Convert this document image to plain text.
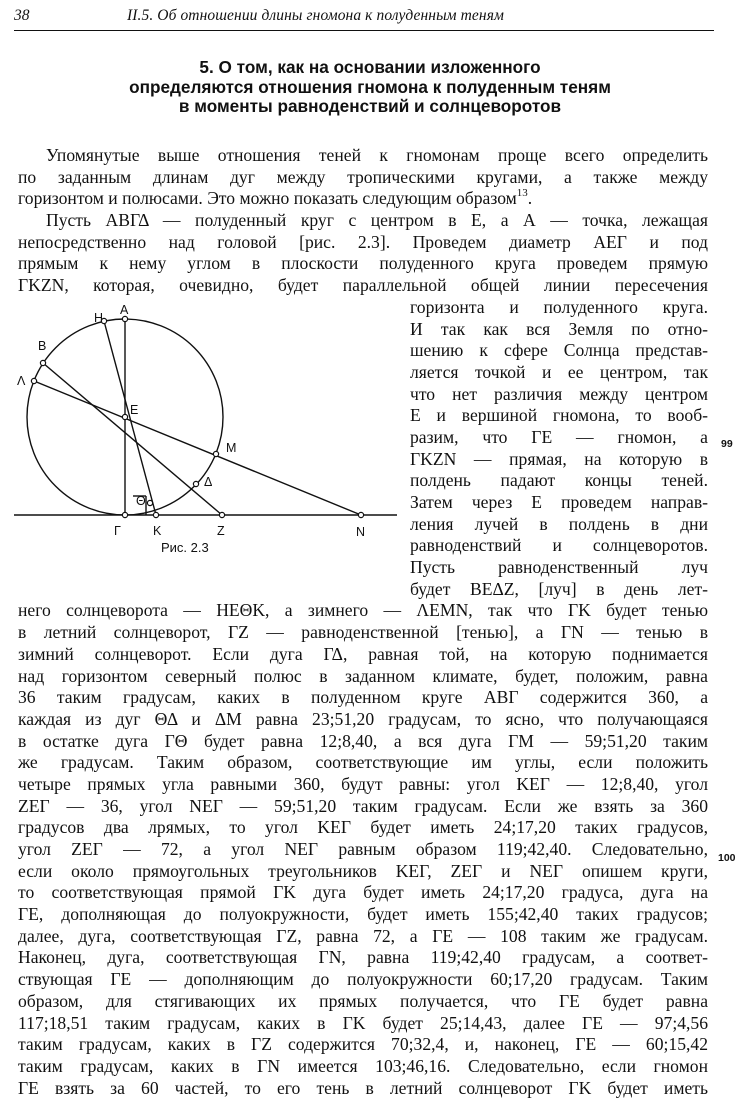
38	II.5. Об отношении длины гномона к полуденным теням
5. О том, как на основании изложенного
определяются отношения гномона к полуденным теням
в моменты равноденствий и солнцеворотов
Упомянутые выше отношения теней к гномонам проще всего определить
по заданным длинам дуг между тропическими кругами, а также между
горизонтом и полюсами. Это можно показать следующим образом$^{13}$.
Пусть ΑΒΓΔ — полуденный круг с центром в Е, а А — точка, лежащая
непосредственно над головой [рис. 2.3]. Проведем диаметр ΑΕΓ и под
прямым к нему углом в плоскости полуденного круга проведем прямую
ΓΚΖΝ, которая, очевидно, будет параллельной общей линии пересечения
горизонта и полуденного круга.
И так как вся Земля по отно-
шению к сфере Солнца представ-
ляется точкой и ее центром, так
что нет различия между центром
Е и вершиной гномона, то вооб-
разим, что ΓΕ — гномон, а
ΓΚΖΝ — прямая, на которую в
полдень падают концы теней.
Затем через Е проведем направ-
ления лучей в полдень в дни
равноденствий и солнцеворотов.
Пусть равноденственный луч
будет ΒΕΔΖ, [луч] в день лет-
него солнцеворота — ΗΕΘΚ, а зимнего — ΛΕΜΝ, так что ΓΚ будет тенью
в летний солнцеворот, ΓΖ — равноденственной [тенью], а ΓΝ — тенью в
зимний солнцеворот. Если дуга ΓΔ, равная той, на которую поднимается
над горизонтом северный полюс в заданном климате, будет, положим, равна
36 таким градусам, каких в полуденном круге ΑΒΓ содержится 360, а
каждая из дуг ΘΔ и ΔΜ равна 23;51,20 градусам, то ясно, что получающаяся
в остатке дуга ΓΘ будет равна 12;8,40, а вся дуга ΓΜ — 59;51,20 таким
же градусам. Таким образом, соответствующие им углы, если положить
четыре прямых угла равными 360, будут равны: угол ΚΕΓ — 12;8,40, угол
ΖΕΓ — 36, угол ΝΕΓ — 59;51,20 таким градусам. Если же взять за 360
градусов два лрямых, то угол ΚΕΓ будет иметь 24;17,20 таких градусов,
угол ΖΕΓ — 72, а угол ΝΕΓ равным образом 119;42,40. Следовательно,
если около прямоугольных треугольников ΚΕΓ, ΖΕΓ и ΝΕΓ опишем круги,
то соответствующая прямой ΓΚ дуга будет иметь 24;17,20 градуса, дуга на
ΓΕ, дополняющая до полуокружности, будет иметь 155;42,40 таких градусов;
далее, дуга, соответствующая ΓΖ, равна 72, а ΓΕ — 108 таким же градусам.
Наконец, дуга, соответствующая ΓΝ, равна 119;42,40 градусам, а соответ-
ствующая ΓΕ — дополняющим до полуокружности 60;17,20 градусам. Таким
образом, для стягивающих их прямых получается, что ΓΕ будет равна
117;18,51 таким градусам, каких в ΓΚ будет 25;14,43, далее ΓΕ — 97;4,56
таким градусам, каких в ΓΖ содержится 70;32,4, и, наконец, ΓΕ — 60;15,42
таким градусам, каких в ΓΝ имеется 103;46,16. Следовательно, если гномон
ΓΕ взять за 60 частей, то его тень в летний солнцеворот ΓΚ будет иметь
99
100
A
H
B
Λ
E
M
Δ
Θ
Γ	K	Z	N
Рис. 2.3
